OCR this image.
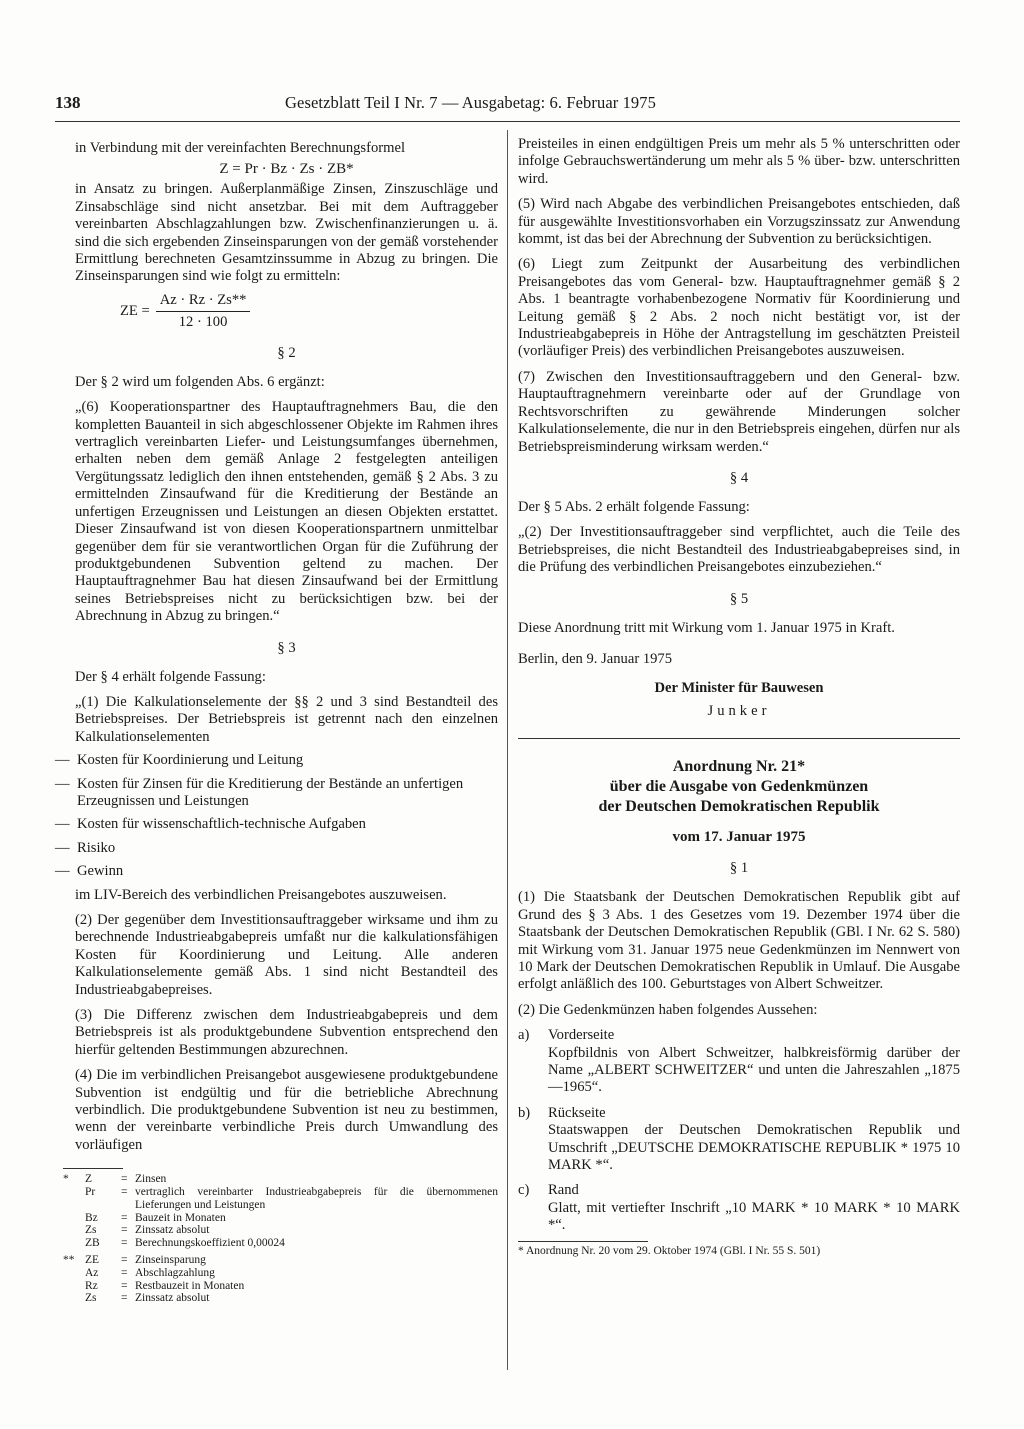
138	Gesetzblatt Teil I Nr. 7 — Ausgabetag: 6. Februar 1975

in Verbindung mit der vereinfachten Berechnungsformel

Z = Pr · Bz · Zs · ZB*

in Ansatz zu bringen. Außerplanmäßige Zinsen, Zinszuschläge und Zinsabschläge sind nicht ansetzbar. Bei mit dem Auftraggeber vereinbarten Abschlagzahlungen bzw. Zwischenfinanzierungen u. ä. sind die sich ergebenden Zinseinsparungen von der gemäß vorstehender Ermittlung berechneten Gesamtzinssumme in Abzug zu bringen. Die Zinseinsparungen sind wie folgt zu ermitteln:

ZE = $\frac{Az \cdot Rz \cdot Zs**}{12 \cdot 100}$
§ 2

Der § 2 wird um folgenden Abs. 6 ergänzt:

„(6) Kooperationspartner des Hauptauftragnehmers Bau, die den kompletten Bauanteil in sich abgeschlossener Objekte im Rahmen ihres vertraglich vereinbarten Liefer- und Leistungsumfanges übernehmen, erhalten neben dem gemäß Anlage 2 festgelegten anteiligen Vergütungssatz lediglich den ihnen entstehenden, gemäß § 2 Abs. 3 zu ermittelnden Zinsaufwand für die Kreditierung der Bestände an unfertigen Erzeugnissen und Leistungen an diesen Objekten erstattet. Dieser Zinsaufwand ist von diesen Kooperationspartnern unmittelbar gegenüber dem für sie verantwortlichen Organ für die Zuführung der produktgebundenen Subvention geltend zu machen. Der Hauptauftragnehmer Bau hat diesen Zinsaufwand bei der Ermittlung seines Betriebspreises nicht zu berücksichtigen bzw. bei der Abrechnung in Abzug zu bringen.“

§ 3

Der § 4 erhält folgende Fassung:

„(1) Die Kalkulationselemente der §§ 2 und 3 sind Bestandteil des Betriebspreises. Der Betriebspreis ist getrennt nach den einzelnen Kalkulationselementen

— Kosten für Koordinierung und Leitung
— Kosten für Zinsen für die Kreditierung der Bestände an unfertigen Erzeugnissen und Leistungen
— Kosten für wissenschaftlich-technische Aufgaben
— Risiko
— Gewinn

im LIV-Bereich des verbindlichen Preisangebotes auszuweisen.

(2) Der gegenüber dem Investitionsauftraggeber wirksame und ihm zu berechnende Industrieabgabepreis umfaßt nur die kalkulationsfähigen Kosten für Koordinierung und Leitung. Alle anderen Kalkulationselemente gemäß Abs. 1 sind nicht Bestandteil des Industrieabgabepreises.

(3) Die Differenz zwischen dem Industrieabgabepreis und dem Betriebspreis ist als produktgebundene Subvention entsprechend den hierfür geltenden Bestimmungen abzurechnen.

(4) Die im verbindlichen Preisangebot ausgewiesene produktgebundene Subvention ist endgültig und für die betriebliche Abrechnung verbindlich. Die produktgebundene Subvention ist neu zu bestimmen, wenn der vereinbarte verbindliche Preis durch Umwandlung des vorläufigen

*	Z	= Zinsen
Pr	= vertraglich vereinbarter Industrieabgabepreis für die übernommenen Lieferungen und Leistungen
Bz	= Bauzeit in Monaten
Zs	= Zinssatz absolut
ZB	= Berechnungskoeffizient 0,00024
** ZE	= Zinseinsparung
Az	= Abschlagzahlung
Rz	= Restbauzeit in Monaten
Zs	= Zinssatz absolut

Preisteiles in einen endgültigen Preis um mehr als 5 % unterschritten oder infolge Gebrauchswertänderung um mehr als 5 % über- bzw. unterschritten wird.

(5) Wird nach Abgabe des verbindlichen Preisangebotes entschieden, daß für ausgewählte Investitionsvorhaben ein Vorzugszinssatz zur Anwendung kommt, ist das bei der Abrechnung der Subvention zu berücksichtigen.

(6) Liegt zum Zeitpunkt der Ausarbeitung des verbindlichen Preisangebotes das vom General- bzw. Hauptauftragnehmer gemäß § 2 Abs. 1 beantragte vorhabenbezogene Normativ für Koordinierung und Leitung gemäß § 2 Abs. 2 noch nicht bestätigt vor, ist der Industrieabgabepreis in Höhe der Antragstellung im geschätzten Preisteil (vorläufiger Preis) des verbindlichen Preisangebotes auszuweisen.

(7) Zwischen den Investitionsauftraggebern und den General- bzw. Hauptauftragnehmern vereinbarte oder auf der Grundlage von Rechtsvorschriften zu gewährende Minderungen solcher Kalkulationselemente, die nur in den Betriebspreis eingehen, dürfen nur als Betriebspreisminderung wirksam werden.“

§ 4

Der § 5 Abs. 2 erhält folgende Fassung:

„(2) Der Investitionsauftraggeber sind verpflichtet, auch die Teile des Betriebspreises, die nicht Bestandteil des Industrieabgabepreises sind, in die Prüfung des verbindlichen Preisangebotes einzubeziehen.“

§ 5

Diese Anordnung tritt mit Wirkung vom 1. Januar 1975 in Kraft.

Berlin, den 9. Januar 1975

Der Minister für Bauwesen
Junker
Anordnung Nr. 21*
über die Ausgabe von Gedenkmünzen
der Deutschen Demokratischen Republik
vom 17. Januar 1975
§ 1

(1) Die Staatsbank der Deutschen Demokratischen Republik gibt auf Grund des § 3 Abs. 1 des Gesetzes vom 19. Dezember 1974 über die Staatsbank der Deutschen Demokratischen Republik (GBl. I Nr. 62 S. 580) mit Wirkung vom 31. Januar 1975 neue Gedenkmünzen im Nennwert von 10 Mark der Deutschen Demokratischen Republik in Umlauf. Die Ausgabe erfolgt anläßlich des 100. Geburtstages von Albert Schweitzer.

(2) Die Gedenkmünzen haben folgendes Aussehen:

a)	Vorderseite

Kopfbildnis von Albert Schweitzer, halbkreisförmig darüber der Name „ALBERT SCHWEITZER“ und unten die Jahreszahlen „1875—1965“.

b)	Rückseite

Staatswappen der Deutschen Demokratischen Republik und Umschrift „DEUTSCHE DEMOKRATISCHE REPUBLIK * 1975 10 MARK *“.

c)	Rand

Glatt, mit vertiefter Inschrift „10 MARK * 10 MARK * 10 MARK *“.

* Anordnung Nr. 20 vom 29. Oktober 1974 (GBl. I Nr. 55 S. 501)
